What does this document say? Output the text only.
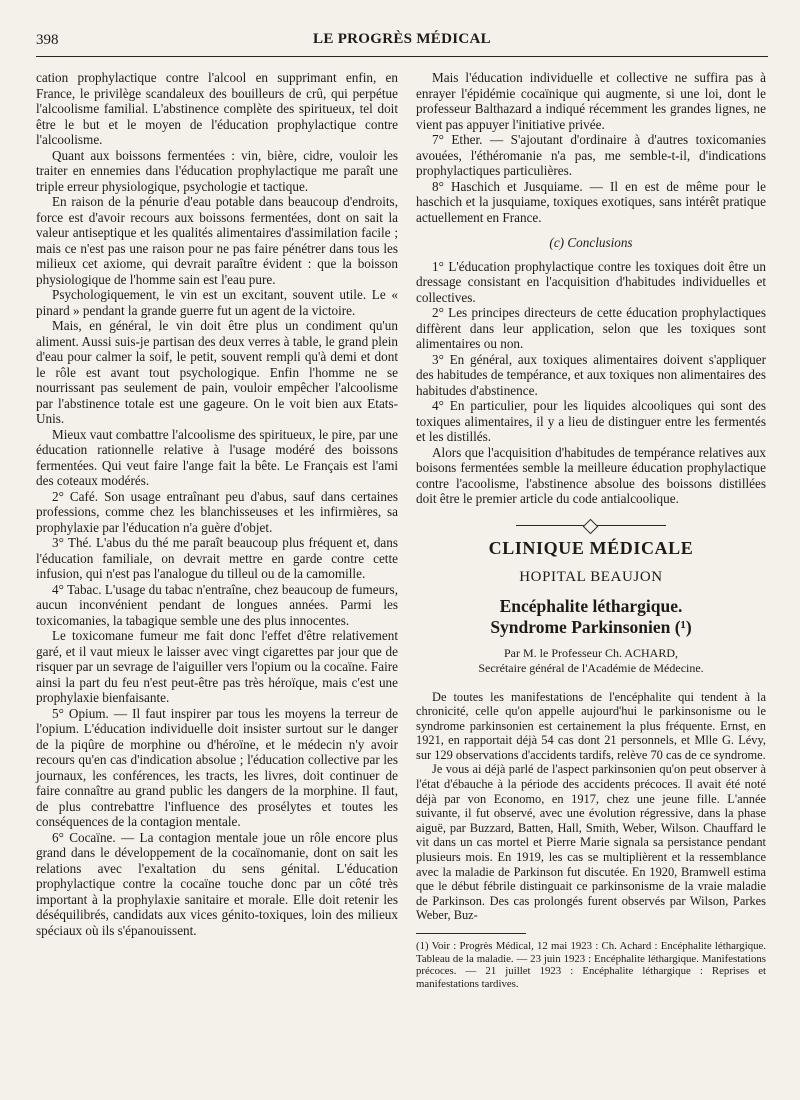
398	LE PROGRÈS MÉDICAL

cation prophylactique contre l'alcool en supprimant enfin, en France, le privilège scandaleux des bouilleurs de crû, qui perpétue l'alcoolisme familial. L'abstinence complète des spiritueux, tel doit être le but et le moyen de l'éducation prophylactique contre l'alcoolisme.

Quant aux boissons fermentées : vin, bière, cidre, vouloir les traiter en ennemies dans l'éducation prophylactique me paraît une triple erreur physiologique, psychologie et tactique.

En raison de la pénurie d'eau potable dans beaucoup d'endroits, force est d'avoir recours aux boissons fermentées, dont on sait la valeur antiseptique et les qualités alimentaires d'assimilation facile ; mais ce n'est pas une raison pour ne pas faire pénétrer dans tous les milieux cet axiome, qui devrait paraître évident : que la boisson physiologique de l'homme sain est l'eau pure.

Psychologiquement, le vin est un excitant, souvent utile. Le « pinard » pendant la grande guerre fut un agent de la victoire.

Mais, en général, le vin doit être plus un condiment qu'un aliment. Aussi suis-je partisan des deux verres à table, le grand plein d'eau pour calmer la soif, le petit, souvent rempli qu'à demi et dont le rôle est avant tout psychologique. Enfin l'homme ne se nourrissant pas seulement de pain, vouloir empêcher l'alcoolisme par l'abstinence totale est une gageure. On le voit bien aux Etats-Unis.

Mieux vaut combattre l'alcoolisme des spiritueux, le pire, par une éducation rationnelle relative à l'usage modéré des boissons fermentées. Qui veut faire l'ange fait la bête. Le Français est l'ami des coteaux modérés.

2° Café. Son usage entraînant peu d'abus, sauf dans certaines professions, comme chez les blanchisseuses et les infirmières, sa prophylaxie par l'éducation n'a guère d'objet.

3° Thé. L'abus du thé me paraît beaucoup plus fréquent et, dans l'éducation familiale, on devrait mettre en garde contre cette infusion, qui n'est pas l'analogue du tilleul ou de la camomille.

4° Tabac. L'usage du tabac n'entraîne, chez beaucoup de fumeurs, aucun inconvénient pendant de longues années. Parmi les toxicomanies, la tabagique semble une des plus innocentes.

Le toxicomane fumeur me fait donc l'effet d'être relativement garé, et il vaut mieux le laisser avec vingt cigarettes par jour que de risquer par un sevrage de l'aiguiller vers l'opium ou la cocaïne. Faire ainsi la part du feu n'est peut-être pas très héroïque, mais c'est une prophylaxie bienfaisante.

5° Opium. — Il faut inspirer par tous les moyens la terreur de l'opium. L'éducation individuelle doit insister surtout sur le danger de la piqûre de morphine ou d'héroïne, et le médecin n'y avoir recours qu'en cas d'indication absolue ; l'éducation collective par les journaux, les conférences, les tracts, les livres, doit continuer de faire connaître au grand public les dangers de la morphine. Il faut, de plus contrebattre l'influence des prosélytes et toutes les conséquences de la contagion mentale.

6° Cocaïne. — La contagion mentale joue un rôle encore plus grand dans le développement de la cocaïnomanie, dont on sait les relations avec l'exaltation du sens génital. L'éducation prophylactique contre la cocaïne touche donc par un côté très important à la prophylaxie sanitaire et morale. Elle doit retenir les déséquilibrés, candidats aux vices génito-toxiques, loin des milieux spéciaux où ils s'épanouissent.

Mais l'éducation individuelle et collective ne suffira pas à enrayer l'épidémie cocaïnique qui augmente, si une loi, dont le professeur Balthazard a indiqué récemment les grandes lignes, ne vient pas appuyer l'initiative privée.

7° Ether. — S'ajoutant d'ordinaire à d'autres toxicomanies avouées, l'éthéromanie n'a pas, me semble-t-il, d'indications prophylactiques particulières.

8° Haschich et Jusquiame. — Il en est de même pour le haschich et la jusquiame, toxiques exotiques, sans intérêt pratique actuellement en France.

(c) Conclusions

1° L'éducation prophylactique contre les toxiques doit être un dressage consistant en l'acquisition d'habitudes individuelles et collectives.

2° Les principes directeurs de cette éducation prophylactiques diffèrent dans leur application, selon que les toxiques sont alimentaires ou non.

3° En général, aux toxiques alimentaires doivent s'appliquer des habitudes de tempérance, et aux toxiques non alimentaires des habitudes d'abstinence.

4° En particulier, pour les liquides alcooliques qui sont des toxiques alimentaires, il y a lieu de distinguer entre les fermentés et les distillés.

Alors que l'acquisition d'habitudes de tempérance relatives aux boisons fermentées semble la meilleure éducation prophylactique contre l'acoolisme, l'abstinence absolue des boissons distillées doit être le premier article du code antialcoolique.

CLINIQUE MÉDICALE
HOPITAL BEAUJON
Encéphalite léthargique.
Syndrome Parkinsonien (¹)
Par M. le Professeur Ch. ACHARD,
Secrétaire général de l'Académie de Médecine.

De toutes les manifestations de l'encéphalite qui tendent à la chronicité, celle qu'on appelle aujourd'hui le parkinsonisme ou le syndrome parkinsonien est certainement la plus fréquente. Ernst, en 1921, en rapportait déjà 54 cas dont 21 personnels, et Mlle G. Lévy, sur 129 observations d'accidents tardifs, relève 70 cas de ce syndrome.

Je vous ai déjà parlé de l'aspect parkinsonien qu'on peut observer à l'état d'ébauche à la période des accidents précoces. Il avait été noté déjà par von Economo, en 1917, chez une jeune fille. L'année suivante, il fut observé, avec une évolution régressive, dans la phase aiguë, par Buzzard, Batten, Hall, Smith, Weber, Wilson. Chauffard le vit dans un cas mortel et Pierre Marie signala sa persistance pendant plusieurs mois. En 1919, les cas se multiplièrent et la ressemblance avec la maladie de Parkinson fut discutée. En 1920, Bramwell estima que le début fébrile distinguait ce parkinsonisme de la vraie maladie de Parkinson. Des cas prolongés furent observés par Wilson, Parkes Weber, Buz-

(1) Voir : Progrès Médical, 12 mai 1923 : Ch. Achard : Encéphalite léthargique. Tableau de la maladie. — 23 juin 1923 : Encéphalite léthargique. Manifestations précoces. — 21 juillet 1923 : Encéphalite léthargique : Reprises et manifestations tardives.
